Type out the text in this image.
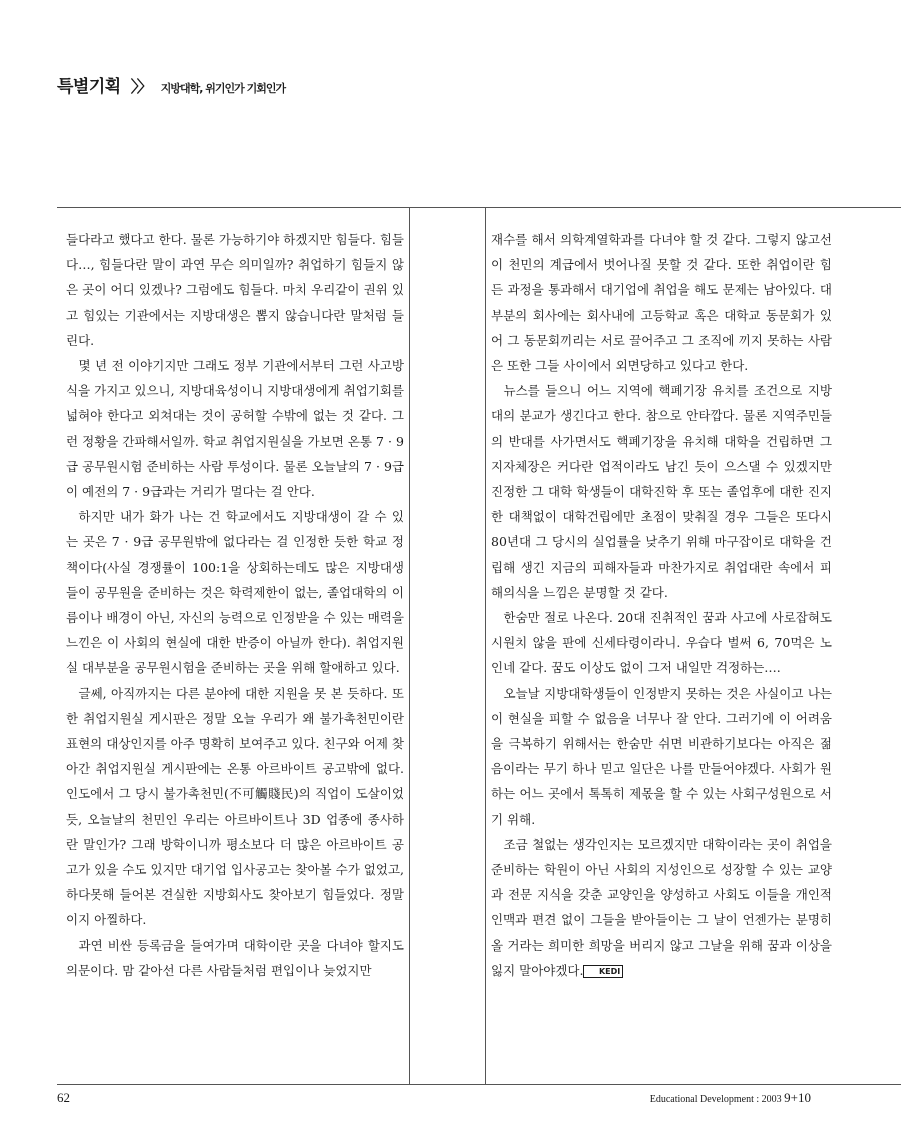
특별기획 〉〉 지방대학, 위기인가 기회인가

들다라고 했다고 한다. 물론 가능하기야 하겠지만 힘들다. 힘들다…, 힘들다란 말이 과연 무슨 의미일까? 취업하기 힘들지 않은 곳이 어디 있겠나? 그럼에도 힘들다. 마치 우리같이 권위 있고 힘있는 기관에서는 지방대생은 뽑지 않습니다란 말처럼 들린다.

몇 년 전 이야기지만 그래도 정부 기관에서부터 그런 사고방식을 가지고 있으니, 지방대육성이니 지방대생에게 취업기회를 넓혀야 한다고 외쳐대는 것이 공허할 수밖에 없는 것 같다. 그런 정황을 간파해서일까. 학교 취업지원실을 가보면 온통 7 · 9급 공무원시험 준비하는 사람 투성이다. 물론 오늘날의 7 · 9급이 예전의 7 · 9급과는 거리가 멀다는 걸 안다.

하지만 내가 화가 나는 건 학교에서도 지방대생이 갈 수 있는 곳은 7 · 9급 공무원밖에 없다라는 걸 인정한 듯한 학교 정책이다(사실 경쟁률이 100:1을 상회하는데도 많은 지방대생들이 공무원을 준비하는 것은 학력제한이 없는, 졸업대학의 이름이나 배경이 아닌, 자신의 능력으로 인정받을 수 있는 매력을 느낀은 이 사회의 현실에 대한 반증이 아닐까 한다). 취업지원실 대부분을 공무원시험을 준비하는 곳을 위해 할애하고 있다.

글쎄, 아직까지는 다른 분야에 대한 지원을 못 본 듯하다. 또한 취업지원실 게시판은 정말 오늘 우리가 왜 불가촉천민이란 표현의 대상인지를 아주 명확히 보여주고 있다. 친구와 어제 찾아간 취업지원실 게시판에는 온통 아르바이트 공고밖에 없다. 인도에서 그 당시 불가촉천민(不可觸賤民)의 직업이 도살이었듯, 오늘날의 천민인 우리는 아르바이트나 3D 업종에 종사하란 말인가? 그래 방학이니까 평소보다 더 많은 아르바이트 공고가 있을 수도 있지만 대기업 입사공고는 찾아볼 수가 없었고, 하다못해 들어본 견실한 지방회사도 찾아보기 힘들었다. 정말이지 아찔하다.

과연 비싼 등록금을 들여가며 대학이란 곳을 다녀야 할지도 의문이다. 맘 같아선 다른 사람들처럼 편입이나 늦었지만

재수를 해서 의학계열학과를 다녀야 할 것 같다. 그렇지 않고선 이 천민의 계급에서 벗어나질 못할 것 같다. 또한 취업이란 힘든 과정을 통과해서 대기업에 취업을 해도 문제는 남아있다. 대부분의 회사에는 회사내에 고등학교 혹은 대학교 동문회가 있어 그 동문회끼리는 서로 끌어주고 그 조직에 끼지 못하는 사람은 또한 그들 사이에서 외면당하고 있다고 한다.

뉴스를 들으니 어느 지역에 핵폐기장 유치를 조건으로 지방대의 분교가 생긴다고 한다. 참으로 안타깝다. 물론 지역주민들의 반대를 사가면서도 핵폐기장을 유치해 대학을 건립하면 그 지자체장은 커다란 업적이라도 남긴 듯이 으스댈 수 있겠지만 진정한 그 대학 학생들이 대학진학 후 또는 졸업후에 대한 진지한 대책없이 대학건립에만 초점이 맞춰질 경우 그들은 또다시 80년대 그 당시의 실업률을 낮추기 위해 마구잡이로 대학을 건립해 생긴 지금의 피해자들과 마찬가지로 취업대란 속에서 피해의식을 느낌은 분명할 것 같다.

한숨만 절로 나온다. 20대 진취적인 꿈과 사고에 사로잡혀도 시원치 않을 판에 신세타령이라니. 우습다 벌써 6, 70먹은 노인네 같다. 꿈도 이상도 없이 그저 내일만 걱정하는….

오늘날 지방대학생들이 인정받지 못하는 것은 사실이고 나는 이 현실을 피할 수 없음을 너무나 잘 안다. 그러기에 이 어려움을 극복하기 위해서는 한숨만 쉬면 비관하기보다는 아직은 젊음이라는 무기 하나 믿고 일단은 나를 만들어야겠다. 사회가 원하는 어느 곳에서 톡톡히 제몫을 할 수 있는 사회구성원으로 서기 위해.

조금 철없는 생각인지는 모르겠지만 대학이라는 곳이 취업을 준비하는 학원이 아닌 사회의 지성인으로 성장할 수 있는 교양과 전문 지식을 갖춘 교양인을 양성하고 사회도 이들을 개인적 인맥과 편견 없이 그들을 받아들이는 그 날이 언젠가는 분명히 올 거라는 희미한 희망을 버리지 않고 그날을 위해 꿈과 이상을 잃지 말아야겠다. KEDI

62	Educational Development : 2003 9+10
